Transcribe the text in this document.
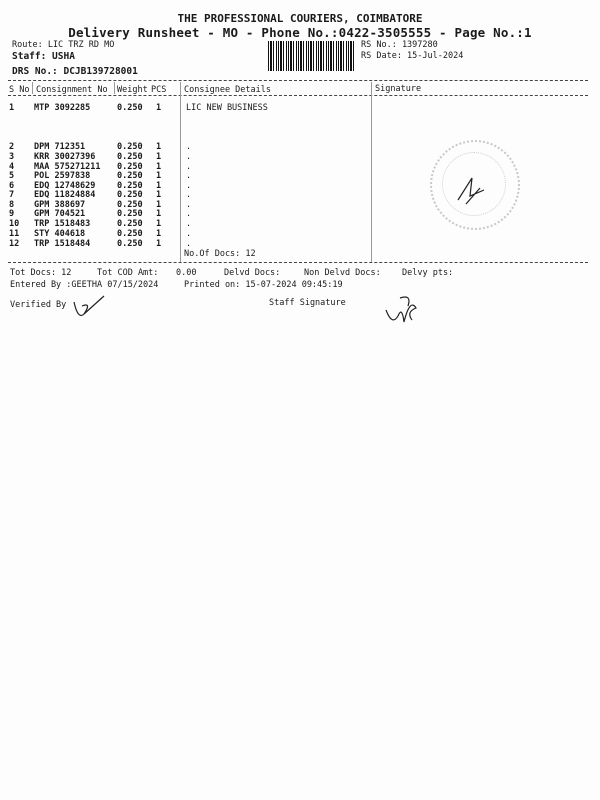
THE PROFESSIONAL COURIERS, COIMBATORE
Delivery Runsheet - MO - Phone No.:0422-3505555 - Page No.:1
Route: LIC TRZ RD MO
Staff: USHA
DRS No.: DCJB139728001
RS No.: 1397280
RS Date: 15-Jul-2024
S No Consignment No Weight PCS Consignee Details	Signature
1 MTP 3092285	0.250 1	LIC NEW BUSINESS
2 DPM 712351	0.250 1	.
3 KRR 30027396	0.250 1	.
4 MAA 575271211 0.250 1	.
5 POL 2597838	0.250 1	.
6 EDQ 12748629	0.250 1	.
7 EDQ 11824884	0.250 1	.
8 GPM 388697	0.250 1	.
9 GPM 704521	0.250 1	.
10 TRP 1518483	0.250 1	.
11 STY 404618	0.250 1	.
12 TRP 1518484	0.250 1	.
No.Of Docs: 12
Tot Docs: 12	Tot COD Amt: 0.00	Delvd Docs:	Non Delvd Docs: Delvy pts:
Entered By :GEETHA 07/15/2024	Printed on: 15-07-2024 09:45:19
Verified By	Staff Signature
